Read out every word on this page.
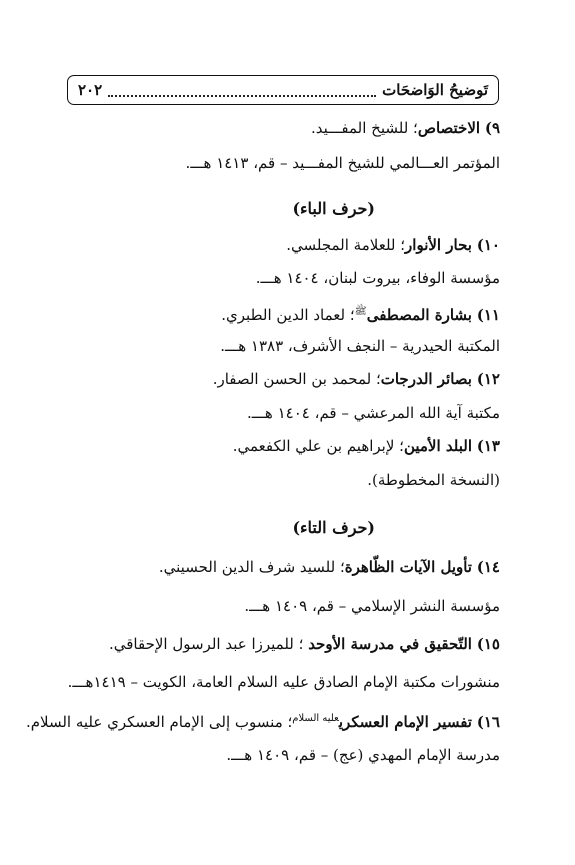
٢٠٢	تَوضيحُ الوَاضحَات
٩) الاختصاص؛ للشيخ المفـــيد.
المؤتمر العـــالمي للشيخ المفـــيد – قم، ١٤١٣ هـــ.
(حرف الباء)
١٠) بحار الأنوار؛ للعلامة المجلسي.
مؤسسة الوفاء، بيروت لبنان، ١٤٠٤ هـــ.
١١) بشارة المصطفى$^ﷺ$؛ لعماد الدين الطبري.
المكتبة الحيدرية – النجف الأشرف، ١٣٨٣ هـــ.
١٢) بصائر الدرجات؛ لمحمد بن الحسن الصفار.
مكتبة آية الله المرعشي – قم، ١٤٠٤ هـــ.
١٣) البلد الأمين؛ لإبراهيم بن علي الكفعمي.
(النسخة المخطوطة).
(حرف التاء)
١٤) تأويل الآيات الظّاهرة؛ للسيد شرف الدين الحسيني.
مؤسسة النشر الإسلامي – قم، ١٤٠٩ هـــ.
١٥) التّحقيق في مدرسة الأوحد ؛ للميرزا عبد الرسول الإحقاقي.
منشورات مكتبة الإمام الصادق عليه السلام العامة، الكويت – ١٤١٩هـــ.
١٦) تفسير الإمام العسكري$^{عليه السلام}$؛ منسوب إلى الإمام العسكري عليه السلام.
مدرسة الإمام المهدي (عج) – قم، ١٤٠٩ هـــ.
